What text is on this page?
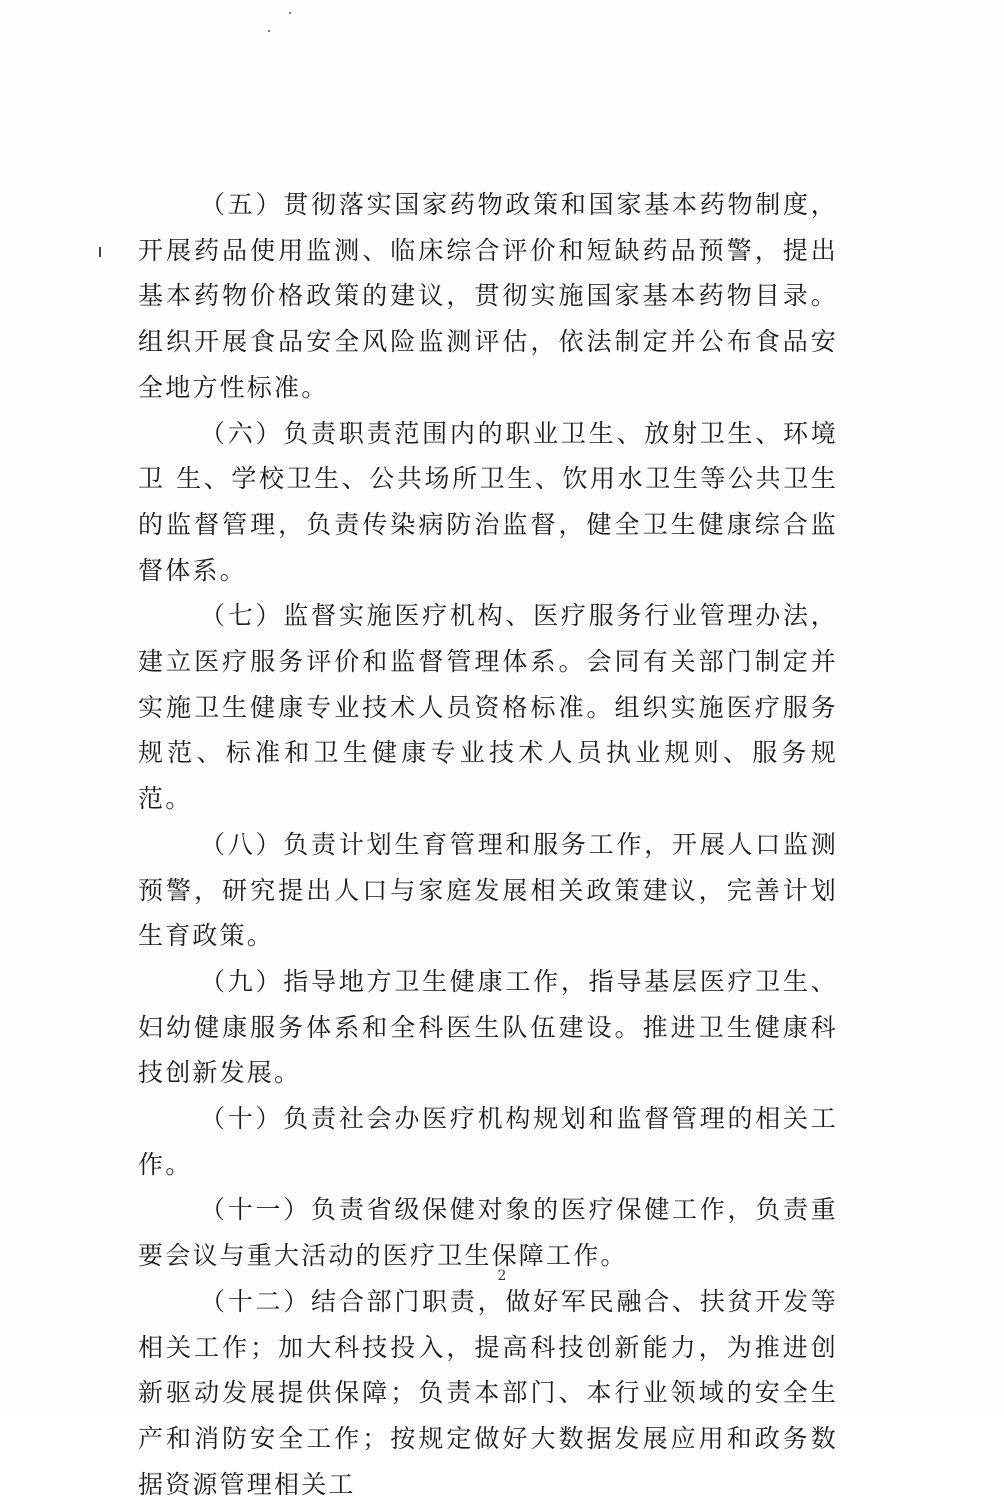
（五）贯彻落实国家药物政策和国家基本药物制度，开展药品使用监测、临床综合评价和短缺药品预警，提出基本药物价格政策的建议，贯彻实施国家基本药物目录。组织开展食品安全风险监测评估，依法制定并公布食品安全地方性标准。

（六）负责职责范围内的职业卫生、放射卫生、环境卫 生、学校卫生、公共场所卫生、饮用水卫生等公共卫生的监督管理，负责传染病防治监督，健全卫生健康综合监督体系。

（七）监督实施医疗机构、医疗服务行业管理办法，建立医疗服务评价和监督管理体系。会同有关部门制定并实施卫生健康专业技术人员资格标准。组织实施医疗服务规范、标准和卫生健康专业技术人员执业规则、服务规范。

（八）负责计划生育管理和服务工作，开展人口监测预警，研究提出人口与家庭发展相关政策建议，完善计划生育政策。

（九）指导地方卫生健康工作，指导基层医疗卫生、妇幼健康服务体系和全科医生队伍建设。推进卫生健康科技创新发展。

（十）负责社会办医疗机构规划和监督管理的相关工作。

（十一）负责省级保健对象的医疗保健工作，负责重要会议与重大活动的医疗卫生保障工作。

（十二）结合部门职责，做好军民融合、扶贫开发等相关工作；加大科技投入，提高科技创新能力，为推进创新驱动发展提供保障；负责本部门、本行业领域的安全生产和消防安全工作；按规定做好大数据发展应用和政务数据资源管理相关工

2
